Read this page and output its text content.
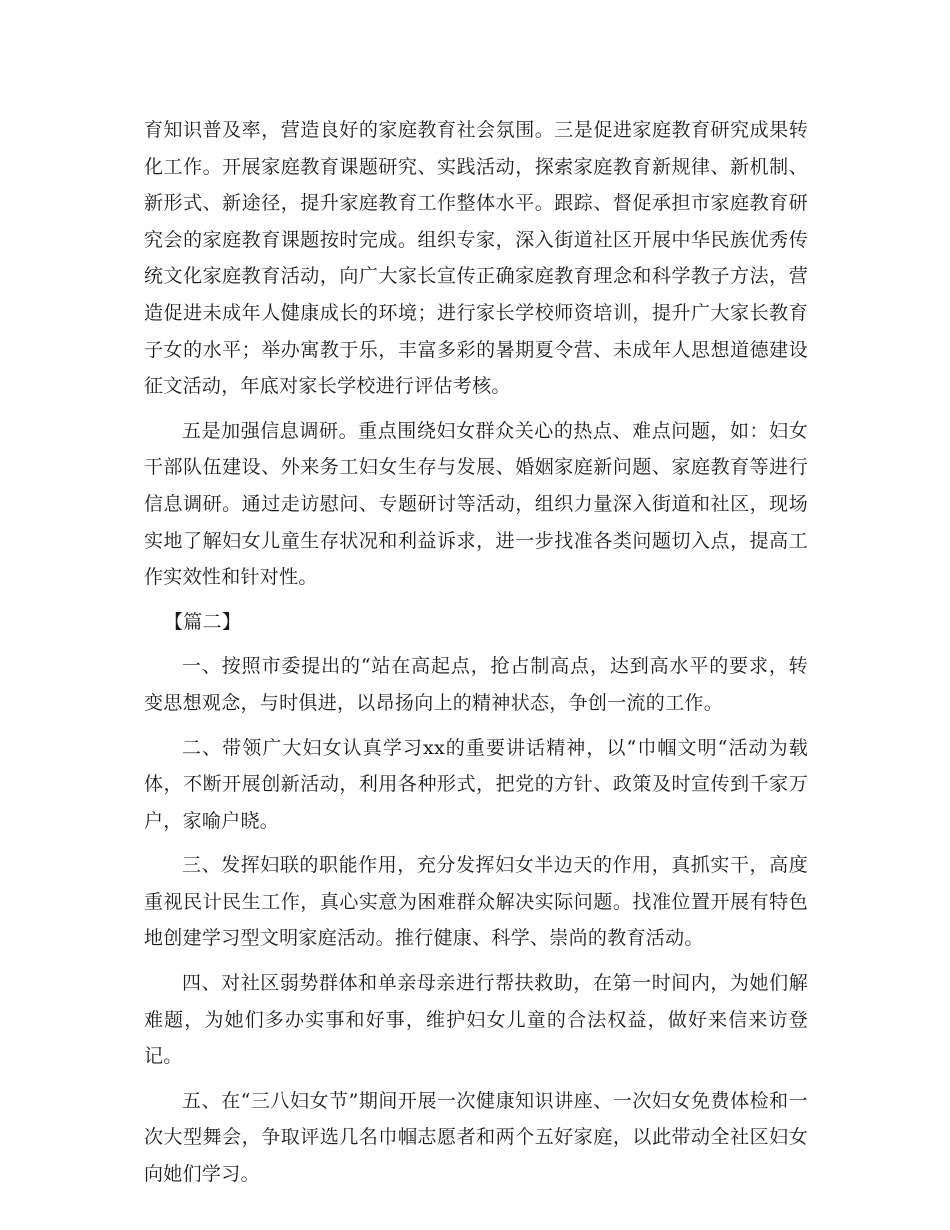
育知识普及率，营造良好的家庭教育社会氛围。三是促进家庭教育研究成果转化工作。开展家庭教育课题研究、实践活动，探索家庭教育新规律、新机制、新形式、新途径，提升家庭教育工作整体水平。跟踪、督促承担市家庭教育研究会的家庭教育课题按时完成。组织专家，深入街道社区开展中华民族优秀传统文化家庭教育活动，向广大家长宣传正确家庭教育理念和科学教子方法，营造促进未成年人健康成长的环境；进行家长学校师资培训，提升广大家长教育子女的水平；举办寓教于乐，丰富多彩的暑期夏令营、未成年人思想道德建设征文活动，年底对家长学校进行评估考核。

五是加强信息调研。重点围绕妇女群众关心的热点、难点问题，如：妇女干部队伍建设、外来务工妇女生存与发展、婚姻家庭新问题、家庭教育等进行信息调研。通过走访慰问、专题研讨等活动，组织力量深入街道和社区，现场实地了解妇女儿童生存状况和利益诉求，进一步找准各类问题切入点，提高工作实效性和针对性。

【篇二】

一、按照市委提出的“站在高起点，抢占制高点，达到高水平的要求，转变思想观念，与时俱进，以昂扬向上的精神状态，争创一流的工作。

二、带领广大妇女认真学习xx的重要讲话精神，以“巾帼文明“活动为载体，不断开展创新活动，利用各种形式，把党的方针、政策及时宣传到千家万户，家喻户晓。

三、发挥妇联的职能作用，充分发挥妇女半边天的作用，真抓实干，高度重视民计民生工作，真心实意为困难群众解决实际问题。找准位置开展有特色地创建学习型文明家庭活动。推行健康、科学、崇尚的教育活动。

四、对社区弱势群体和单亲母亲进行帮扶救助，在第一时间内，为她们解难题，为她们多办实事和好事，维护妇女儿童的合法权益，做好来信来访登记。

五、在“三八妇女节”期间开展一次健康知识讲座、一次妇女免费体检和一次大型舞会，争取评选几名巾帼志愿者和两个五好家庭，以此带动全社区妇女向她们学习。
